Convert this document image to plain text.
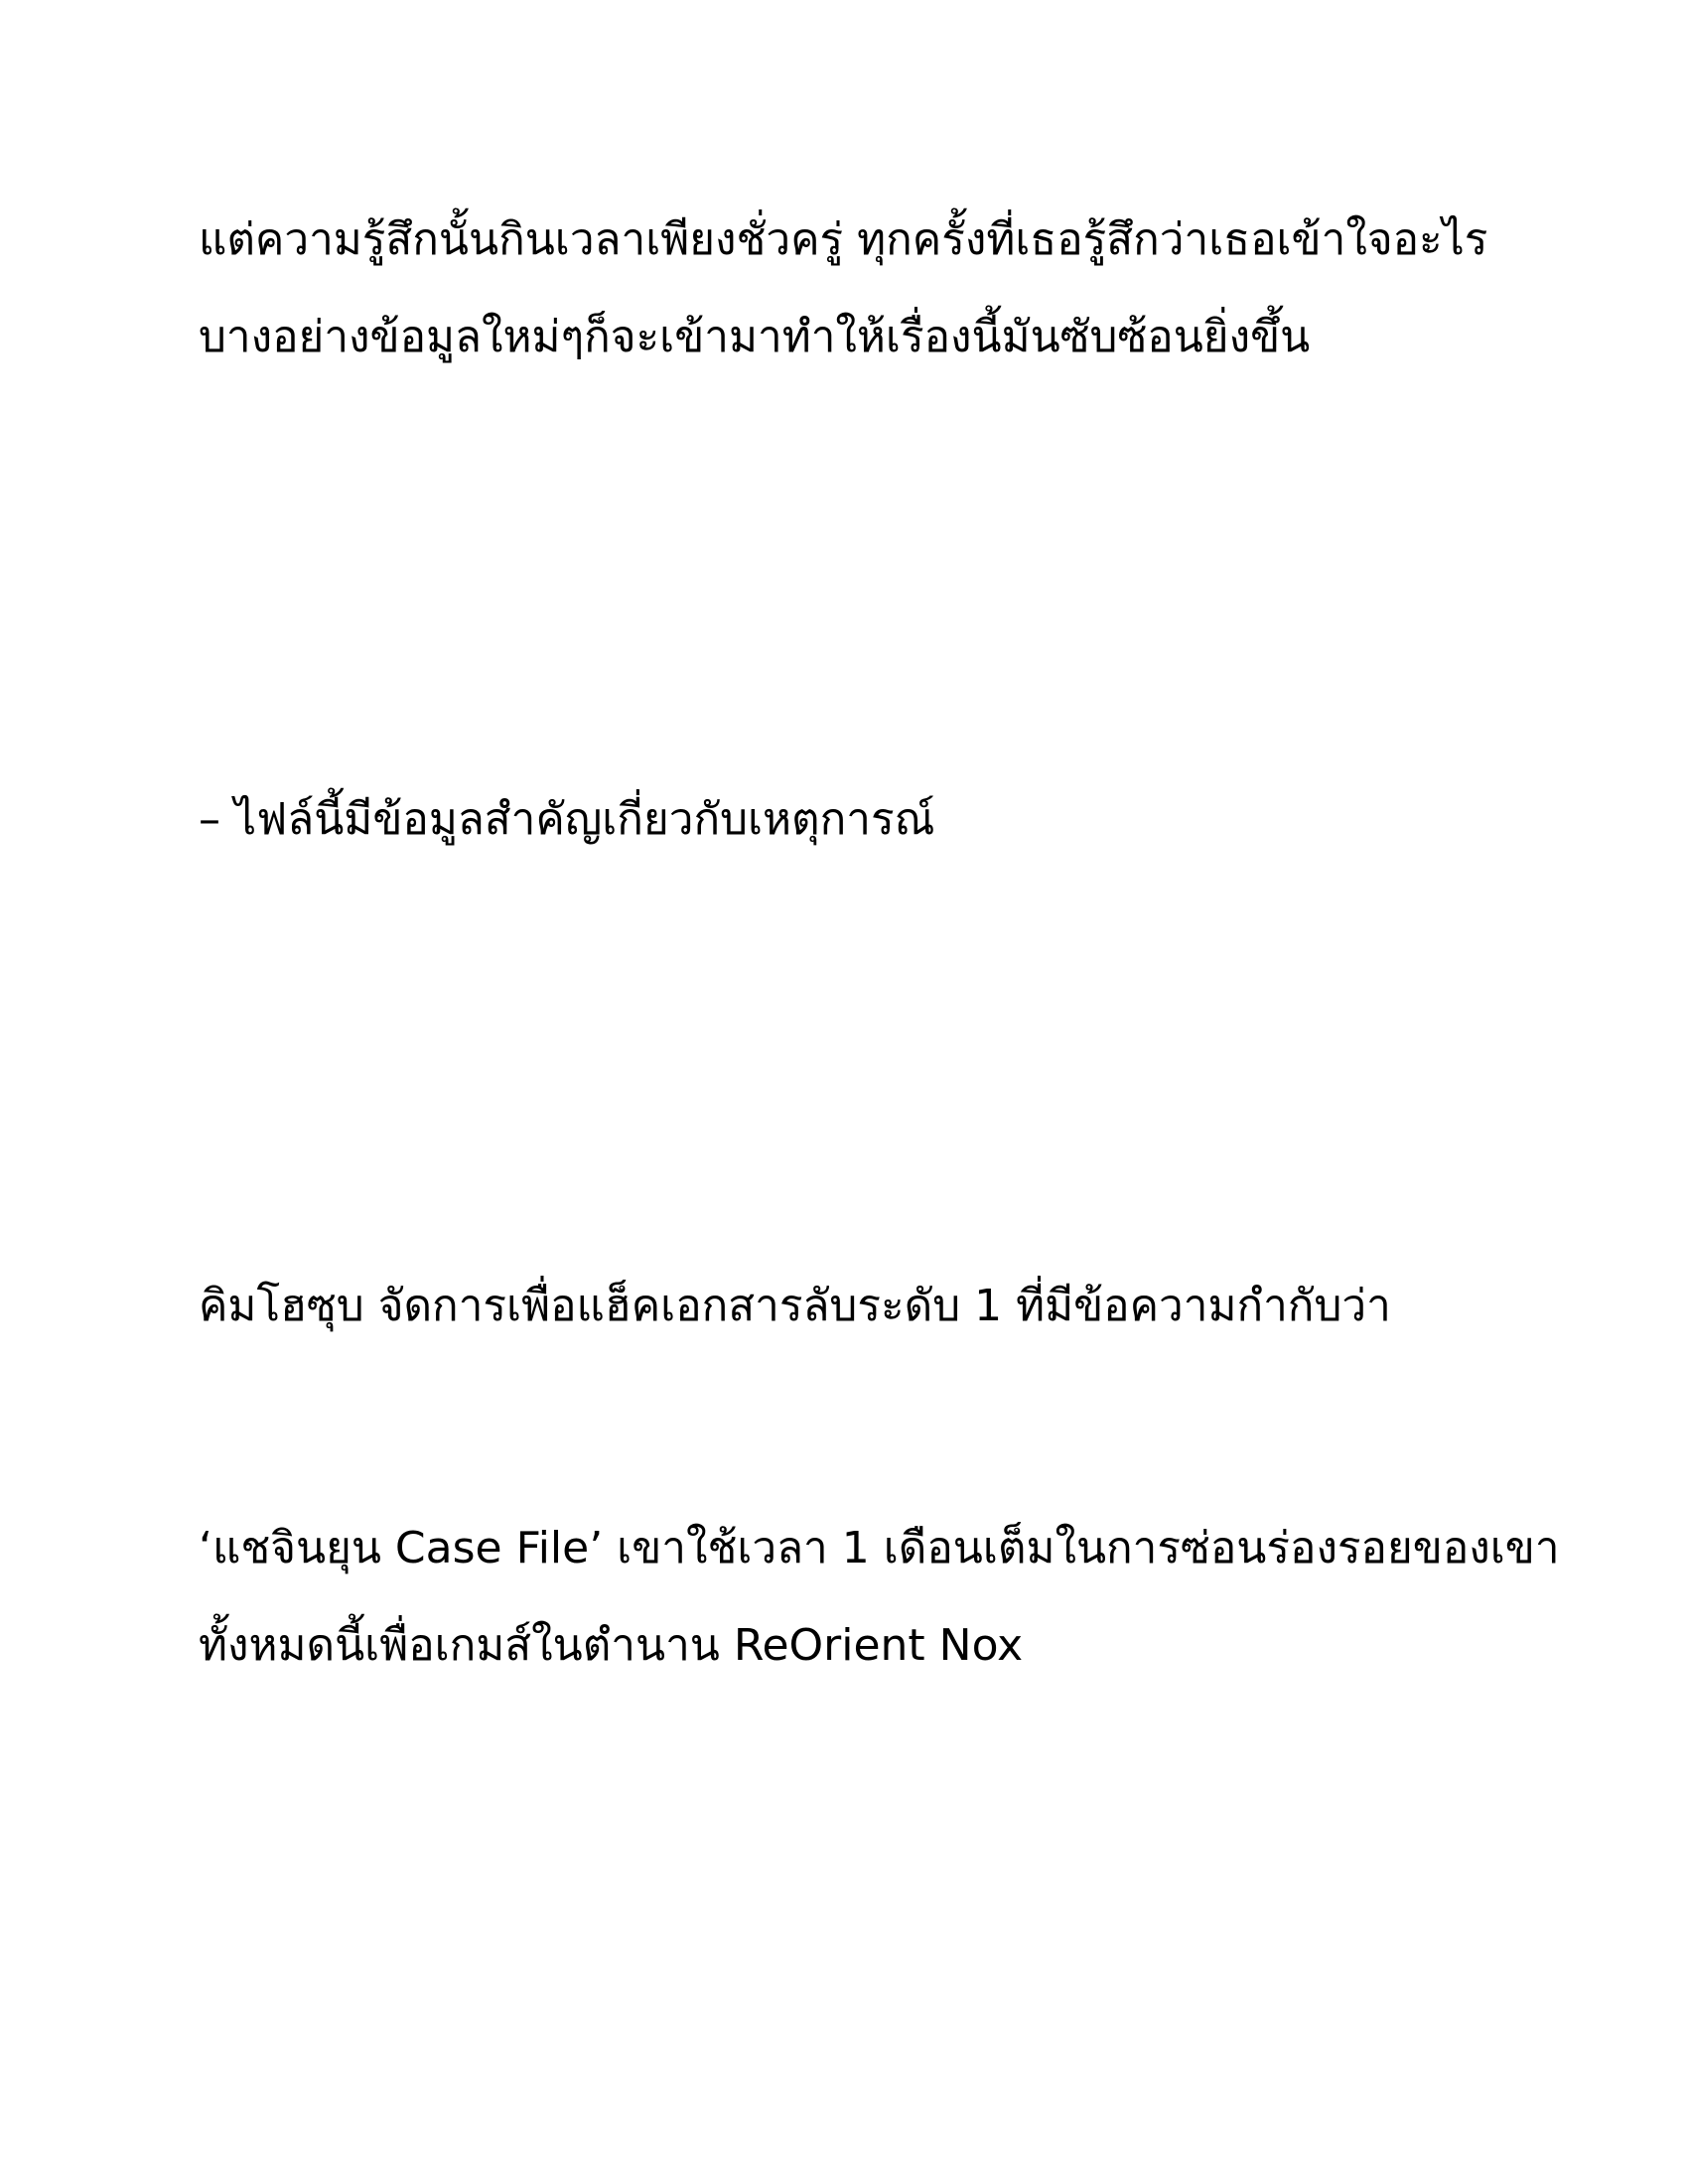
แต่ความรู้สึกนั้นกินเวลาเพียงชั่วครู่ ทุกครั้งที่เธอรู้สึกว่าเธอเข้าใจอะไร
บางอย่างข้อมูลใหม่ๆก็จะเข้ามาทำให้เรื่องนี้มันซับซ้อนยิ่งขึ้น
– ไฟล์นี้มีข้อมูลสำคัญเกี่ยวกับเหตุการณ์
คิมโฮซุบ จัดการเพื่อแฮ็คเอกสารลับระดับ 1 ที่มีข้อความกำกับว่า
‘แชจินยุน Case File’ เขาใช้เวลา 1 เดือนเต็มในการซ่อนร่องรอยของเขา
ทั้งหมดนี้เพื่อเกมส์ในตำนาน ReOrient Nox
